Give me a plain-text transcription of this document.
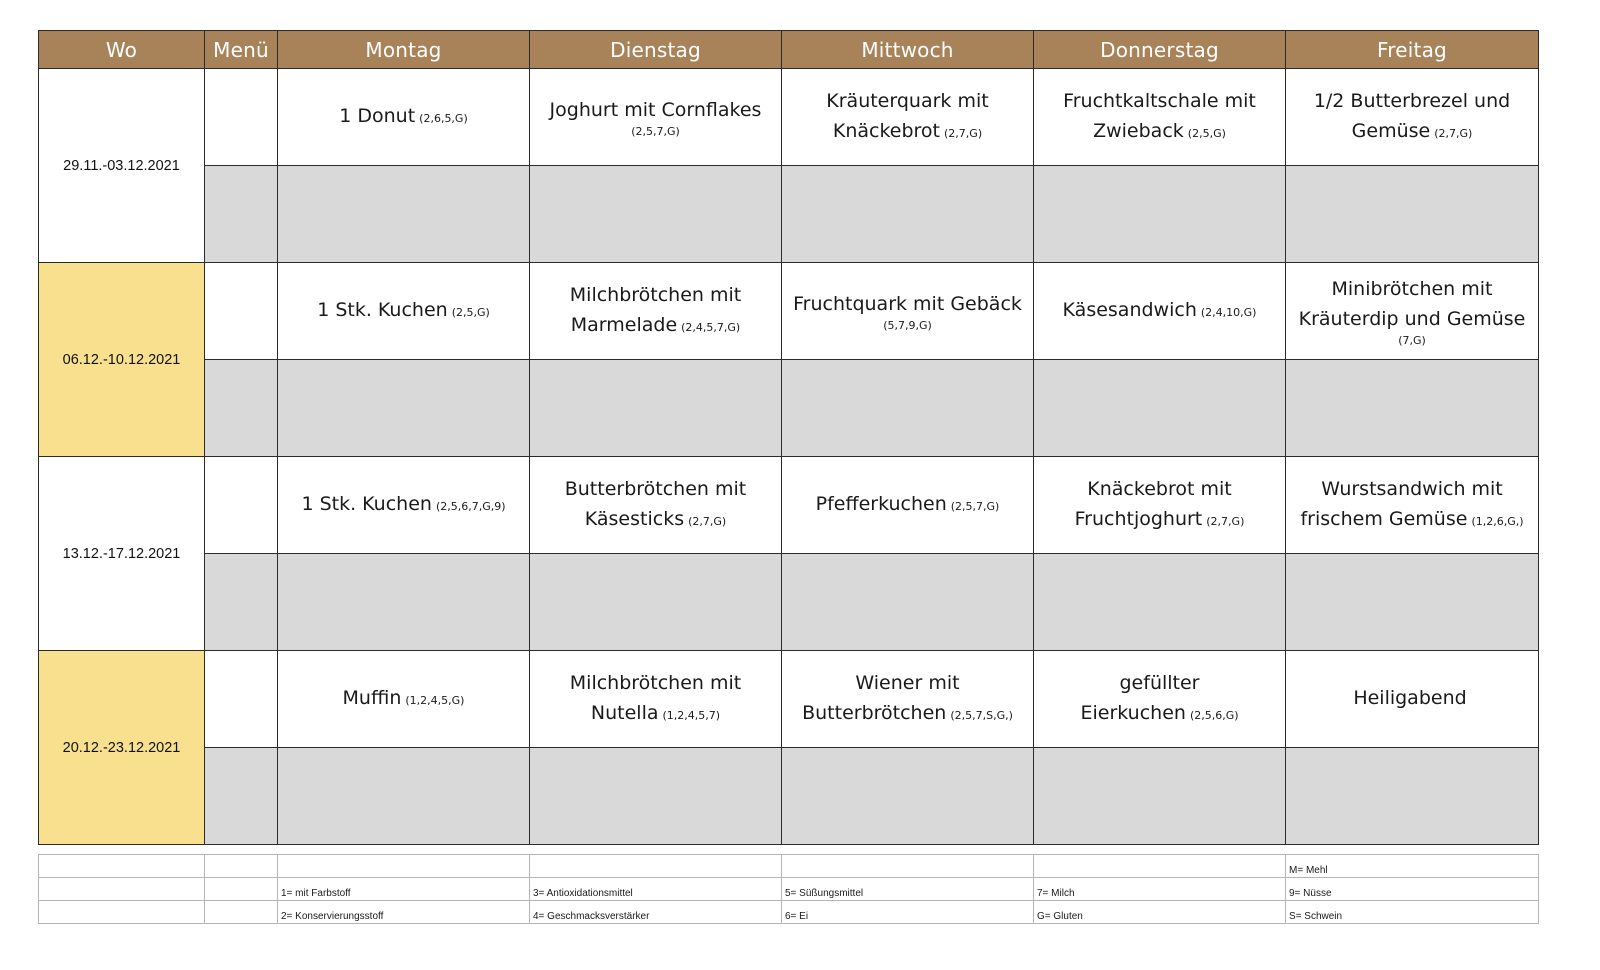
Wo	Menü	Montag	Dienstag	Mittwoch	Donnerstag	Freitag
29.11.-03.12.2021		1 Donut (2,6,5,G)	Joghurt mit Cornflakes
(2,5,7,G)	Kräuterquark mit Knäckebrot (2,7,G)	Fruchtkaltschale mit Zwieback (2,5,G)	1/2 Butterbrezel und Gemüse (2,7,G)

06.12.-10.12.2021		1 Stk. Kuchen (2,5,G)	Milchbrötchen mit Marmelade (2,4,5,7,G)	Fruchtquark mit Gebäck
(5,7,9,G)	Käsesandwich (2,4,10,G)	Minibrötchen mit Kräuterdip und Gemüse
(7,G)

13.12.-17.12.2021		1 Stk. Kuchen (2,5,6,7,G,9)	Butterbrötchen mit Käsesticks (2,7,G)	Pfefferkuchen (2,5,7,G)	Knäckebrot mit Fruchtjoghurt (2,7,G)	Wurstsandwich mit frischem Gemüse (1,2,6,G,)

20.12.-23.12.2021		Muffin (1,2,4,5,G)	Milchbrötchen mit Nutella (1,2,4,5,7)	Wiener mit Butterbrötchen (2,5,7,S,G,)	gefüllter Eierkuchen (2,5,6,G)	Heiligabend

						M= Mehl
		1= mit Farbstoff	3= Antioxidationsmittel	5= Süßungsmittel	7= Milch	9= Nüsse
		2= Konservierungsstoff	4= Geschmacksverstärker	6= Ei	G= Gluten	S= Schwein
